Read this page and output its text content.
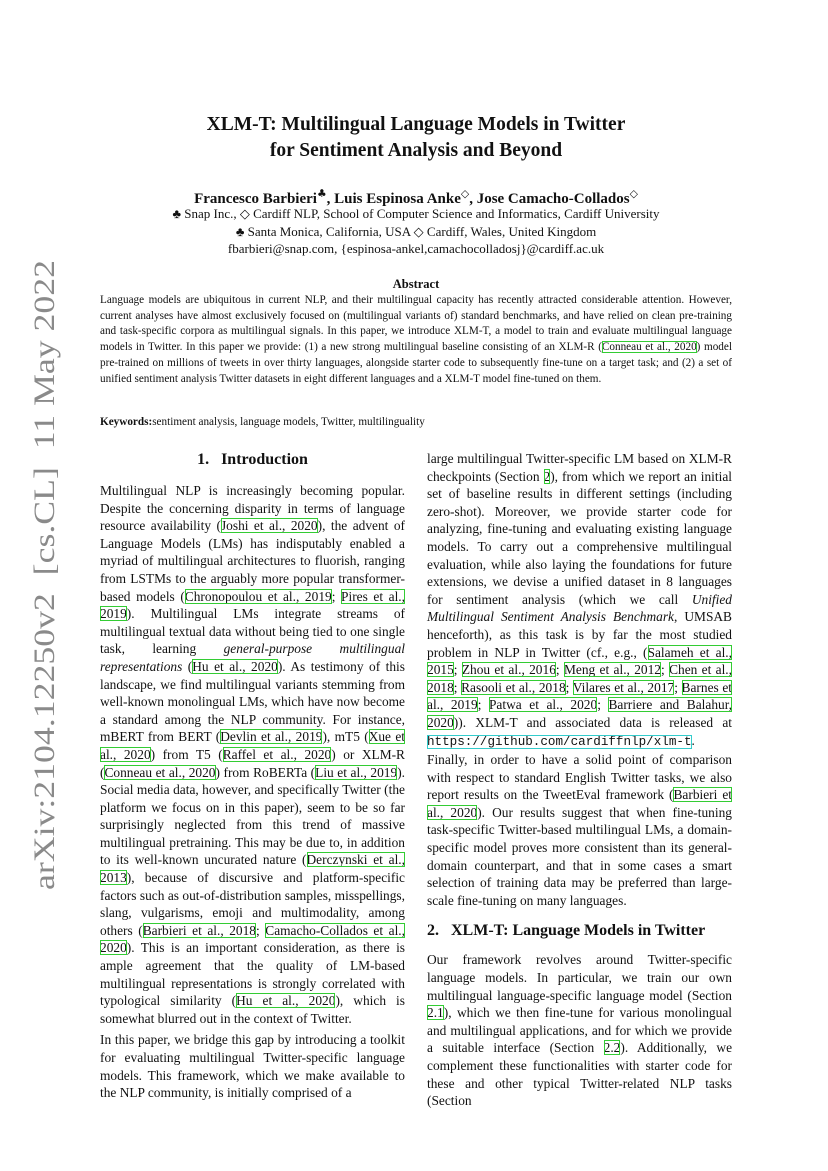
arXiv:2104.12250v2  [cs.CL]  11 May 2022
XLM-T: Multilingual Language Models in Twitter
for Sentiment Analysis and Beyond
Francesco Barbieri♣, Luis Espinosa Anke◇, Jose Camacho-Collados◇
♣ Snap Inc., ◇ Cardiff NLP, School of Computer Science and Informatics, Cardiff University
♣ Santa Monica, California, USA ◇ Cardiff, Wales, United Kingdom
fbarbieri@snap.com, {espinosa-ankel,camachocolladosj}@cardiff.ac.uk
Abstract
Language models are ubiquitous in current NLP, and their multilingual capacity has recently attracted considerable attention. However, current analyses have almost exclusively focused on (multilingual variants of) standard benchmarks, and have relied on clean pre-training and task-specific corpora as multilingual signals. In this paper, we introduce XLM-T, a model to train and evaluate multilingual language models in Twitter. In this paper we provide: (1) a new strong multilingual baseline consisting of an XLM-R (Conneau et al., 2020) model pre-trained on millions of tweets in over thirty languages, alongside starter code to subsequently fine-tune on a target task; and (2) a set of unified sentiment analysis Twitter datasets in eight different languages and a XLM-T model fine-tuned on them.
Keywords:sentiment analysis, language models, Twitter, multilinguality
1. Introduction

Multilingual NLP is increasingly becoming popular. Despite the concerning disparity in terms of language resource availability (Joshi et al., 2020), the advent of Language Models (LMs) has indisputably enabled a myriad of multilingual architectures to fluorish, ranging from LSTMs to the arguably more popular transformer-based models (Chronopoulou et al., 2019; Pires et al., 2019). Multilingual LMs integrate streams of multilingual textual data without being tied to one single task, learning general-purpose multilingual representations (Hu et al., 2020). As testimony of this landscape, we find multilingual variants stemming from well-known monolingual LMs, which have now become a standard among the NLP community. For instance, mBERT from BERT (Devlin et al., 2019), mT5 (Xue et al., 2020) from T5 (Raffel et al., 2020) or XLM-R (Conneau et al., 2020) from RoBERTa (Liu et al., 2019). Social media data, however, and specifically Twitter (the platform we focus on in this paper), seem to be so far surprisingly neglected from this trend of massive multilingual pretraining. This may be due to, in addition to its well-known uncurated nature (Derczynski et al., 2013), because of discursive and platform-specific factors such as out-of-distribution samples, misspellings, slang, vulgarisms, emoji and multimodality, among others (Barbieri et al., 2018; Camacho-Collados et al., 2020). This is an important consideration, as there is ample agreement that the quality of LM-based multilingual representations is strongly correlated with typological similarity (Hu et al., 2020), which is somewhat blurred out in the context of Twitter.

In this paper, we bridge this gap by introducing a toolkit for evaluating multilingual Twitter-specific language models. This framework, which we make available to the NLP community, is initially comprised of a

large multilingual Twitter-specific LM based on XLM-R checkpoints (Section 2), from which we report an initial set of baseline results in different settings (including zero-shot). Moreover, we provide starter code for analyzing, fine-tuning and evaluating existing language models. To carry out a comprehensive multilingual evaluation, while also laying the foundations for future extensions, we devise a unified dataset in 8 languages for sentiment analysis (which we call Unified Multilingual Sentiment Analysis Benchmark, UMSAB henceforth), as this task is by far the most studied problem in NLP in Twitter (cf., e.g., (Salameh et al., 2015; Zhou et al., 2016; Meng et al., 2012; Chen et al., 2018; Rasooli et al., 2018; Vilares et al., 2017; Barnes et al., 2019; Patwa et al., 2020; Barriere and Balahur, 2020)). XLM-T and associated data is released at https://github.com/cardiffnlp/xlm-t. Finally, in order to have a solid point of comparison with respect to standard English Twitter tasks, we also report results on the TweetEval framework (Barbieri et al., 2020). Our results suggest that when fine-tuning task-specific Twitter-based multilingual LMs, a domain-specific model proves more consistent than its general-domain counterpart, and that in some cases a smart selection of training data may be preferred than large-scale fine-tuning on many languages.

2. XLM-T: Language Models in Twitter

Our framework revolves around Twitter-specific language models. In particular, we train our own multilingual language-specific language model (Section 2.1), which we then fine-tune for various monolingual and multilingual applications, and for which we provide a suitable interface (Section 2.2). Additionally, we complement these functionalities with starter code for these and other typical Twitter-related NLP tasks (Section
